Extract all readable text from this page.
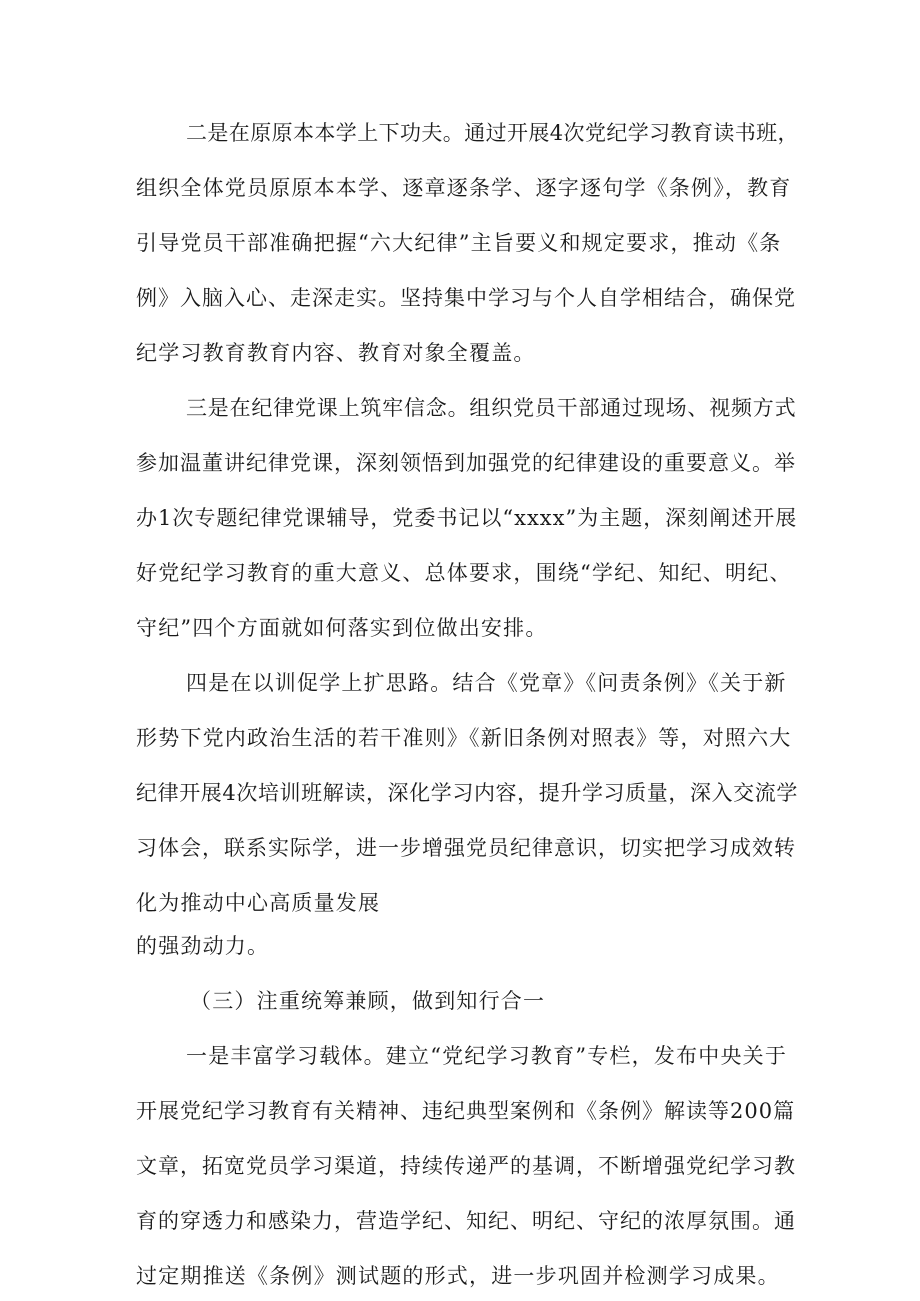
二是在原原本本学上下功夫。通过开展4次党纪学习教育读书班，

组织全体党员原原本本学、逐章逐条学、逐字逐句学《条例》，教育

引导党员干部准确把握“六大纪律”主旨要义和规定要求，推动《条

例》入脑入心、走深走实。坚持集中学习与个人自学相结合，确保党

纪学习教育教育内容、教育对象全覆盖。

三是在纪律党课上筑牢信念。组织党员干部通过现场、视频方式

参加温董讲纪律党课，深刻领悟到加强党的纪律建设的重要意义。举

办1次专题纪律党课辅导，党委书记以“xxxx”为主题，深刻阐述开展

好党纪学习教育的重大意义、总体要求，围绕“学纪、知纪、明纪、

守纪”四个方面就如何落实到位做出安排。

四是在以训促学上扩思路。结合《党章》《问责条例》《关于新

形势下党内政治生活的若干准则》《新旧条例对照表》等，对照六大

纪律开展4次培训班解读，深化学习内容，提升学习质量，深入交流学

习体会，联系实际学，进一步增强党员纪律意识，切实把学习成效转

化为推动中心高质量发展

的强劲动力。

（三）注重统筹兼顾，做到知行合一

一是丰富学习载体。建立“党纪学习教育”专栏，发布中央关于

开展党纪学习教育有关精神、违纪典型案例和《条例》解读等200篇

文章，拓宽党员学习渠道，持续传递严的基调，不断增强党纪学习教

育的穿透力和感染力，营造学纪、知纪、明纪、守纪的浓厚氛围。通

过定期推送《条例》测试题的形式，进一步巩固并检测学习成果。
